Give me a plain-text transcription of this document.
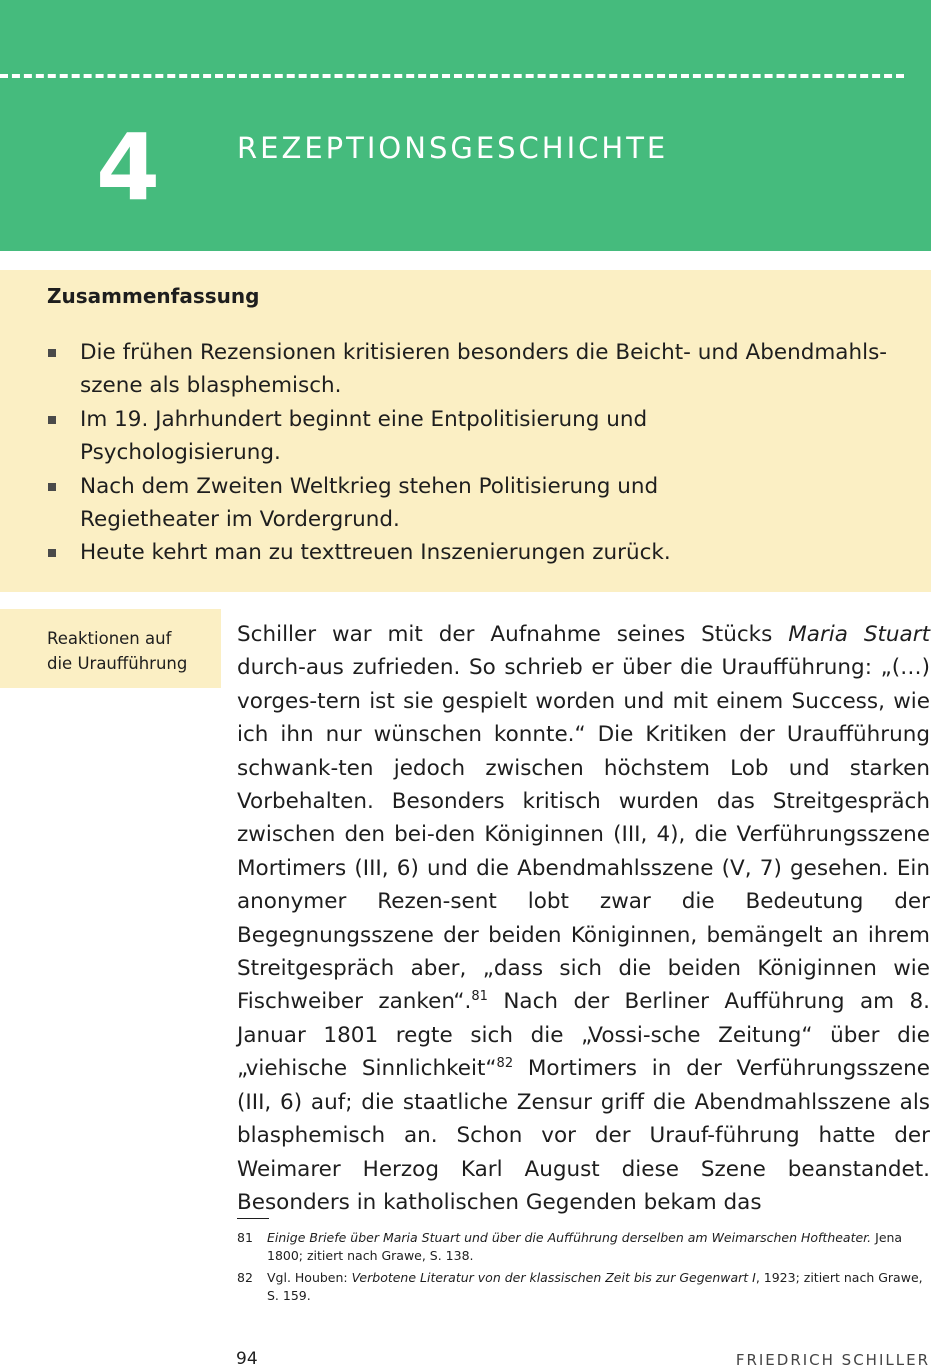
4	REZEPTIONSGESCHICHTE
Zusammenfassung
Die frühen Rezensionen kritisieren besonders die Beicht- und Abendmahls-
szene als blasphemisch.
Im 19. Jahrhundert beginnt eine Entpolitisierung und
Psychologisierung.
Nach dem Zweiten Weltkrieg stehen Politisierung und
Regietheater im Vordergrund.
Heute kehrt man zu texttreuen Inszenierungen zurück.
Reaktionen auf
die Uraufführung
Schiller war mit der Aufnahme seines Stücks Maria Stuart durch-aus zufrieden. So schrieb er über die Uraufführung: „(…) vorges-tern ist sie gespielt worden und mit einem Success, wie ich ihn nur wünschen konnte.“ Die Kritiken der Uraufführung schwank-ten jedoch zwischen höchstem Lob und starken Vorbehalten. Besonders kritisch wurden das Streitgespräch zwischen den bei-den Königinnen (III, 4), die Verführungsszene Mortimers (III, 6) und die Abendmahlsszene (V, 7) gesehen. Ein anonymer Rezen-sent lobt zwar die Bedeutung der Begegnungsszene der beiden Königinnen, bemängelt an ihrem Streitgespräch aber, „dass sich die beiden Königinnen wie Fischweiber zanken“.$^{81}$ Nach der Berliner Aufführung am 8. Januar 1801 regte sich die „Vossi-sche Zeitung“ über die „viehische Sinnlichkeit“$^{82}$ Mortimers in der Verführungsszene (III, 6) auf; die staatliche Zensur griff die Abendmahlsszene als blasphemisch an. Schon vor der Urauf-führung hatte der Weimarer Herzog Karl August diese Szene beanstandet. Besonders in katholischen Gegenden bekam das
81 Einige Briefe über Maria Stuart und über die Aufführung derselben am Weimarschen Hoftheater. Jena 1800; zitiert nach Grawe, S. 138.
82 Vgl. Houben: Verbotene Literatur von der klassischen Zeit bis zur Gegenwart I, 1923; zitiert nach Grawe, S. 159.
94	FRIEDRICH SCHILLER
